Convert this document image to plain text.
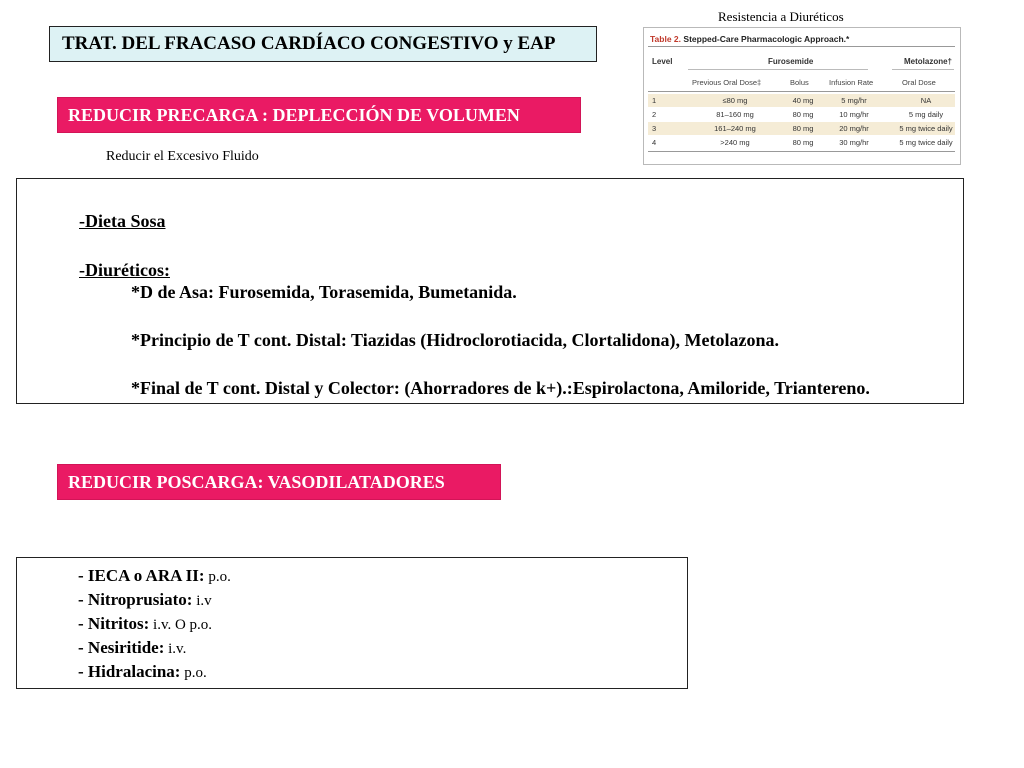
TRAT. DEL FRACASO CARDÍACO CONGESTIVO y EAP
Resistencia a Diuréticos
Table 2. Stepped-Care Pharmacologic Approach.*
Level	Furosemide	Metolazone†
Previous Oral Dose‡	Bolus	Infusion Rate	Oral Dose
1	≤80 mg	40 mg	5 mg/hr	NA
2	81–160 mg	80 mg	10 mg/hr	5 mg daily
3	161–240 mg	80 mg	20 mg/hr	5 mg twice daily
4	>240 mg	80 mg	30 mg/hr	5 mg twice daily
REDUCIR PRECARGA : DEPLECCIÓN DE VOLUMEN
Reducir el Excesivo Fluido
-Dieta Sosa
-Diuréticos:
*D de Asa: Furosemida, Torasemida, Bumetanida.
*Principio de T cont. Distal: Tiazidas (Hidroclorotiacida, Clortalidona), Metolazona.
*Final de T cont. Distal y Colector: (Ahorradores de k+).:Espirolactona, Amiloride, Triantereno.
REDUCIR POSCARGA: VASODILATADORES
- IECA o ARA II: p.o.
- Nitroprusiato: i.v
- Nitritos: i.v. O p.o.
- Nesiritide: i.v.
- Hidralacina: p.o.
